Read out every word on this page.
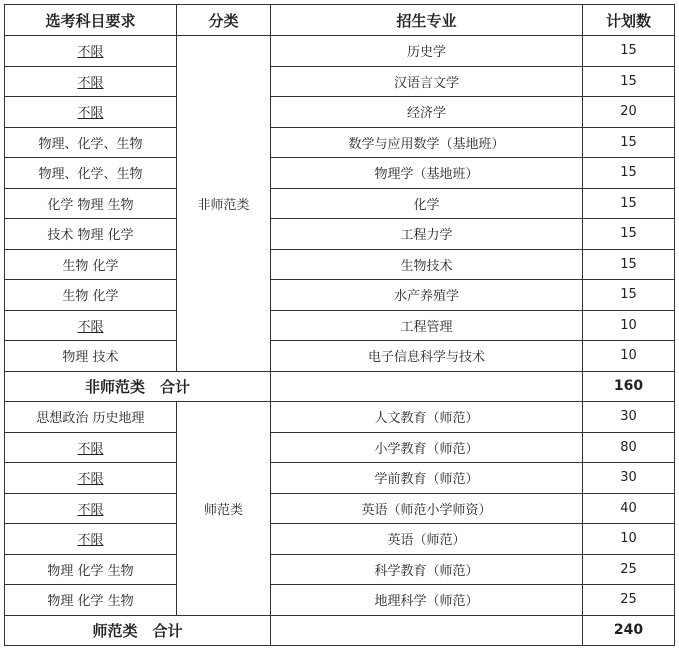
选考科目要求	分类	招生专业	计划数
不限	非师范类	历史学	15
不限		汉语言文学	15
不限		经济学	20
物理、化学、生物		数学与应用数学（基地班）	15
物理、化学、生物		物理学（基地班）	15
化学 物理 生物		化学	15
技术 物理 化学		工程力学	15
生物 化学		生物技术	15
生物 化学		水产养殖学	15
不限		工程管理	10
物理 技术		电子信息科学与技术	10
非师范类　合计			160
思想政治 历史地理	师范类	人文教育（师范）	30
不限		小学教育（师范）	80
不限		学前教育（师范）	30
不限		英语（师范小学师资）	40
不限		英语（师范）	10
物理 化学 生物		科学教育（师范）	25
物理 化学 生物		地理科学（师范）	25
师范类　合计			240
